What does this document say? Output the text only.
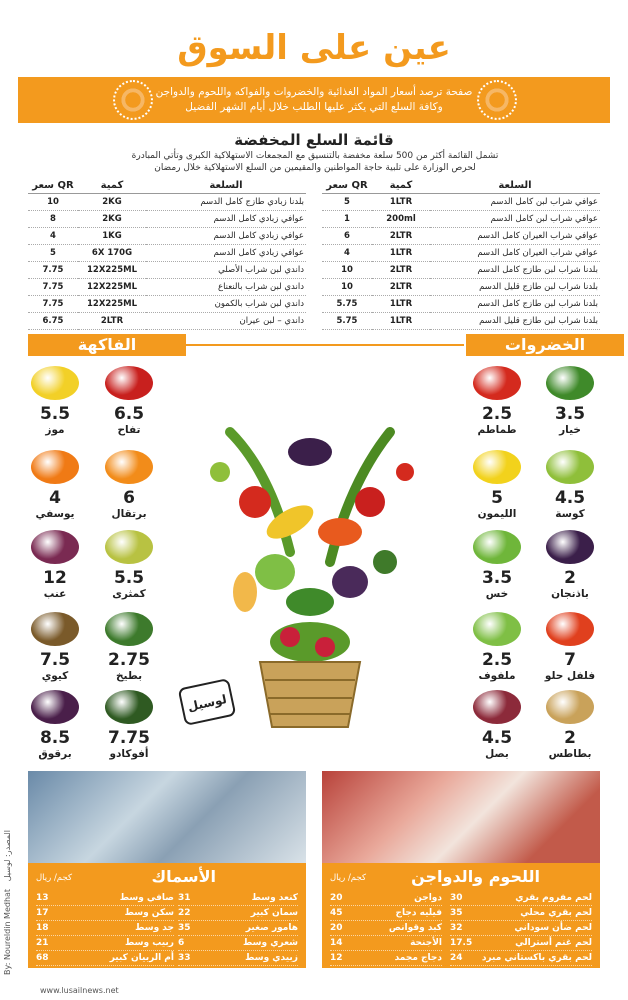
عين على السوق
صفحة ترصد أسعار المواد الغذائية والخضروات والفواكه واللحوم والدواجن
وكافة السلع التي يكثر عليها الطلب خلال أيام الشهر الفضيل
قائمة السلع المخفضة
تشمل القائمة أكثر من 500 سلعة مخفضة بالتنسيق مع المجمعات الاستهلاكية الكبرى وتأتي المبادرة
لحرص الوزارة على تلبية حاجة المواطنين والمقيمين من السلع الاستهلاكية خلال رمضان
سعر QR	كمية	السلعة
10	2KG	بلدنا زبادي طازج كامل الدسم
8	2KG	عوافي زبادي كامل الدسم
4	1KG	عوافي زبادي كامل الدسم
5	6X 170G	عوافي زبادي كامل الدسم
7.75	12X225ML	داندي لبن شراب الأصلي
7.75	12X225ML	داندي لبن شراب بالنعناع
7.75	12X225ML	داندي لبن شراب بالكمون
6.75	2LTR	داندي – لبن عيران
سعر QR	كمية	السلعة
5	1LTR	عوافي شراب لبن كامل الدسم
1	200ml	عوافي شراب لبن كامل الدسم
6	2LTR	عوافي شراب العيران كامل الدسم
4	1LTR	عوافي شراب العيران كامل الدسم
10	2LTR	بلدنا شراب لبن طازج كامل الدسم
10	2LTR	بلدنا شراب لبن طازج قليل الدسم
5.75	1LTR	بلدنا شراب لبن طازج كامل الدسم
5.75	1LTR	بلدنا شراب لبن طازج قليل الدسم
الفاكهة	الخضروات
3.5
خيار
2.5
طماطم
4.5
كوسة
5
الليمون
2
باذنجان
3.5
خس
7
فلفل حلو
2.5
ملفوف
2
بطاطس
4.5
بصل
6.5
تفاح
5.5
موز
6
برتقال
4
يوسفي
5.5
كمثرى
12
عنب
2.75
بطيخ
7.5
كيوي
7.75
أفوكادو
8.5
برقوق
لوسيل
الأسماك
كجم/ ريال
13	صافي وسط
17	سكن وسط
18	جد وسط
21	ربيب وسط
68	أم الربيان كبير
31	كنعد وسط
22	سمان كبير
35	هامور صغير
6	شعري وسط
33	زبيدي وسط
اللحوم والدواجن
كجم/ ريال
20	دواجن
45	فيليه دجاج
20	كبد وقوانص
14	الأجنحة
12	دجاج مجمد
30	لحم مفروم بقري
35	لحم بقري محلي
32	لحم ضأن سوداني
17.5	لحم غنم أسترالي
24	لحم بقري باكستاني مبرد
By: Noureldin Medhat   المصدر: لوسيل
www.lusailnews.net
